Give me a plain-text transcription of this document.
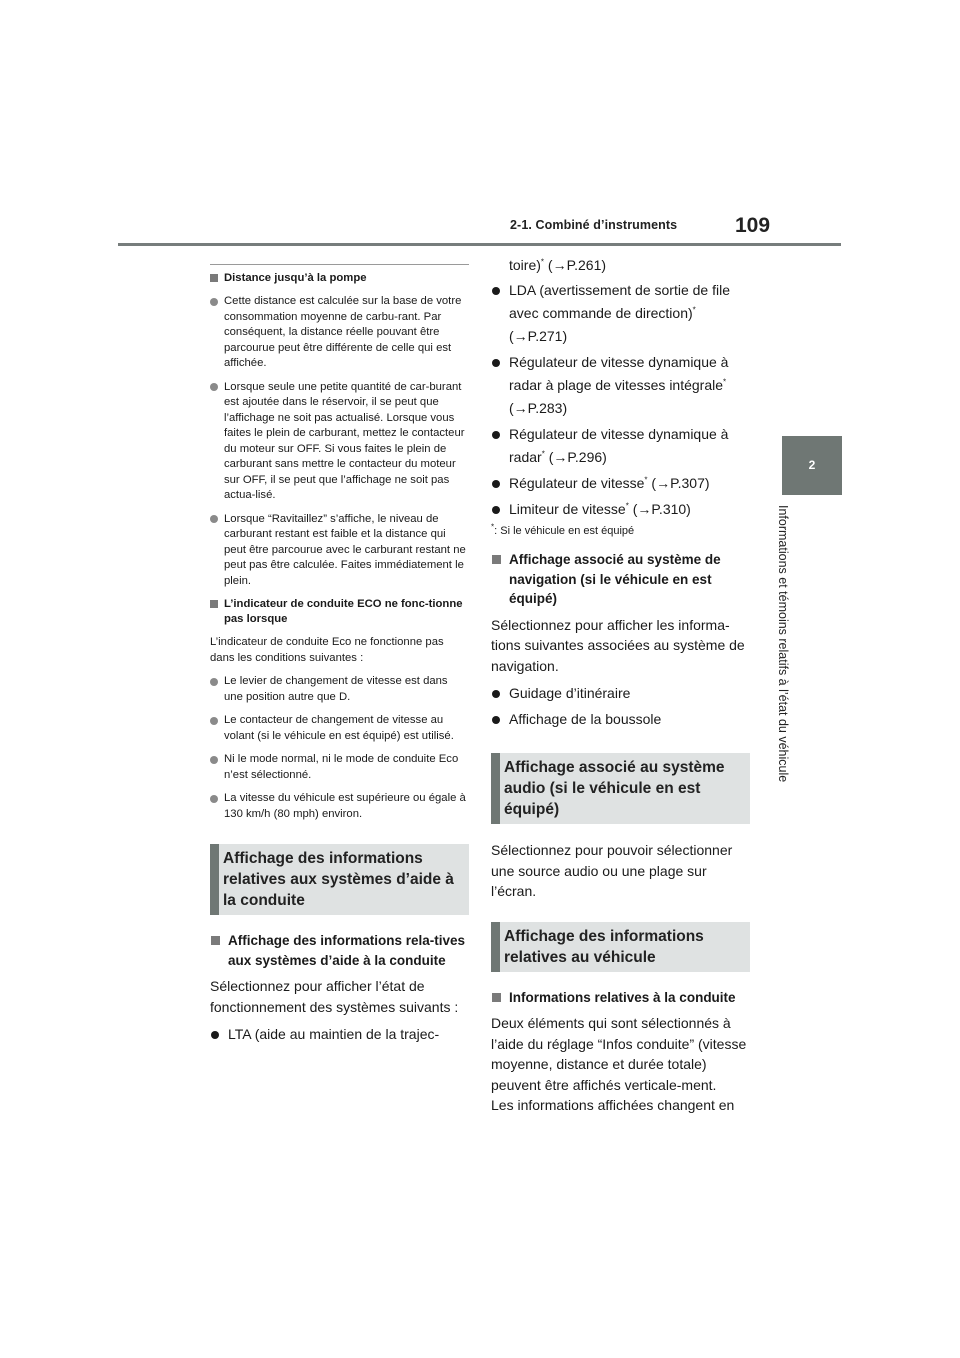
2-1. Combiné d’instruments	109
2
Informations et témoins relatifs à l’état du véhicule
Distance jusqu’à la pompe
Cette distance est calculée sur la base de votre consommation moyenne de carbu-rant. Par conséquent, la distance réelle pouvant être parcourue peut être différente de celle qui est affichée.
Lorsque seule une petite quantité de car-burant est ajoutée dans le réservoir, il se peut que l’affichage ne soit pas actualisé. Lorsque vous faites le plein de carburant, mettez le contacteur du moteur sur OFF. Si vous faites le plein de carburant sans mettre le contacteur du moteur sur OFF, il se peut que l’affichage ne soit pas actua-lisé.
Lorsque “Ravitaillez” s’affiche, le niveau de carburant restant est faible et la distance qui peut être parcourue avec le carburant restant ne peut pas être calculée. Faites immédiatement le plein.
L’indicateur de conduite ECO ne fonc-tionne pas lorsque
L’indicateur de conduite Eco ne fonctionne pas dans les conditions suivantes :
Le levier de changement de vitesse est dans une position autre que D.
Le contacteur de changement de vitesse au volant (si le véhicule en est équipé) est utilisé.
Ni le mode normal, ni le mode de conduite Eco n’est sélectionné.
La vitesse du véhicule est supérieure ou égale à 130 km/h (80 mph) environ.
Affichage des informations relatives aux systèmes d’aide à la conduite
Affichage des informations rela-tives aux systèmes d’aide à la conduite
Sélectionnez pour afficher l’état de fonctionnement des systèmes suivants :
LTA (aide au maintien de la trajec-
toire)* (→P.261)
LDA (avertissement de sortie de file avec commande de direction)*
(→P.271)
Régulateur de vitesse dynamique à radar à plage de vitesses intégrale*
(→P.283)
Régulateur de vitesse dynamique à radar* (→P.296)
Régulateur de vitesse* (→P.307)
Limiteur de vitesse* (→P.310)
*: Si le véhicule en est équipé
Affichage associé au système de navigation (si le véhicule en est équipé)
Sélectionnez pour afficher les informa-tions suivantes associées au système de navigation.
Guidage d’itinéraire
Affichage de la boussole
Affichage associé au système audio (si le véhicule en est équipé)
Sélectionnez pour pouvoir sélectionner une source audio ou une plage sur l’écran.
Affichage des informations relatives au véhicule
Informations relatives à la conduite
Deux éléments qui sont sélectionnés à l’aide du réglage “Infos conduite” (vitesse moyenne, distance et durée totale) peuvent être affichés verticale-ment.
Les informations affichées changent en
